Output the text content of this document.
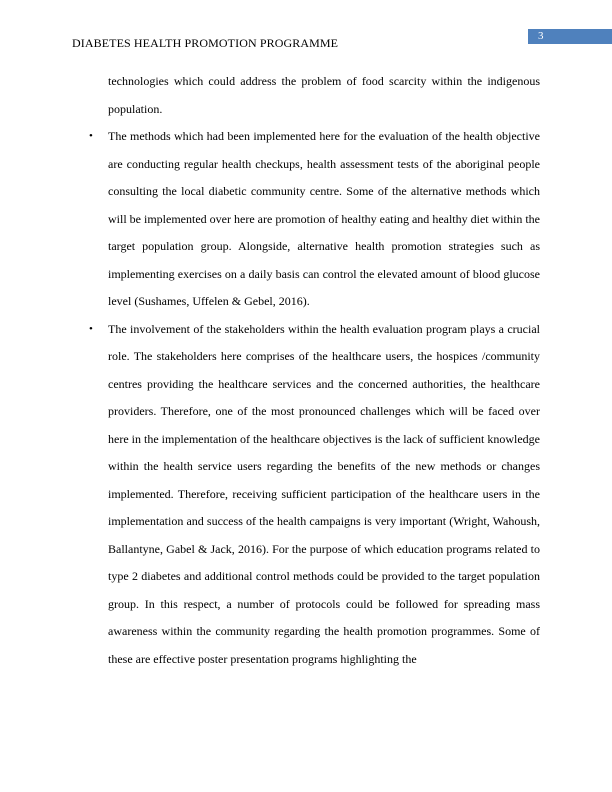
DIABETES HEALTH PROMOTION PROGRAMME	3

technologies which could address the problem of food scarcity within the indigenous population.

• The methods which had been implemented here for the evaluation of the health objective are conducting regular health checkups, health assessment tests of the aboriginal people consulting the local diabetic community centre. Some of the alternative methods which will be implemented over here are promotion of healthy eating and healthy diet within the target population group. Alongside, alternative health promotion strategies such as implementing exercises on a daily basis can control the elevated amount of blood glucose level (Sushames, Uffelen & Gebel, 2016).
• The involvement of the stakeholders within the health evaluation program plays a crucial role. The stakeholders here comprises of the healthcare users, the hospices /community centres providing the healthcare services and the concerned authorities, the healthcare providers. Therefore, one of the most pronounced challenges which will be faced over here in the implementation of the healthcare objectives is the lack of sufficient knowledge within the health service users regarding the benefits of the new methods or changes implemented. Therefore, receiving sufficient participation of the healthcare users in the implementation and success of the health campaigns is very important (Wright, Wahoush, Ballantyne, Gabel & Jack, 2016). For the purpose of which education programs related to type 2 diabetes and additional control methods could be provided to the target population group. In this respect, a number of protocols could be followed for spreading mass awareness within the community regarding the health promotion programmes. Some of these are effective poster presentation programs highlighting the
